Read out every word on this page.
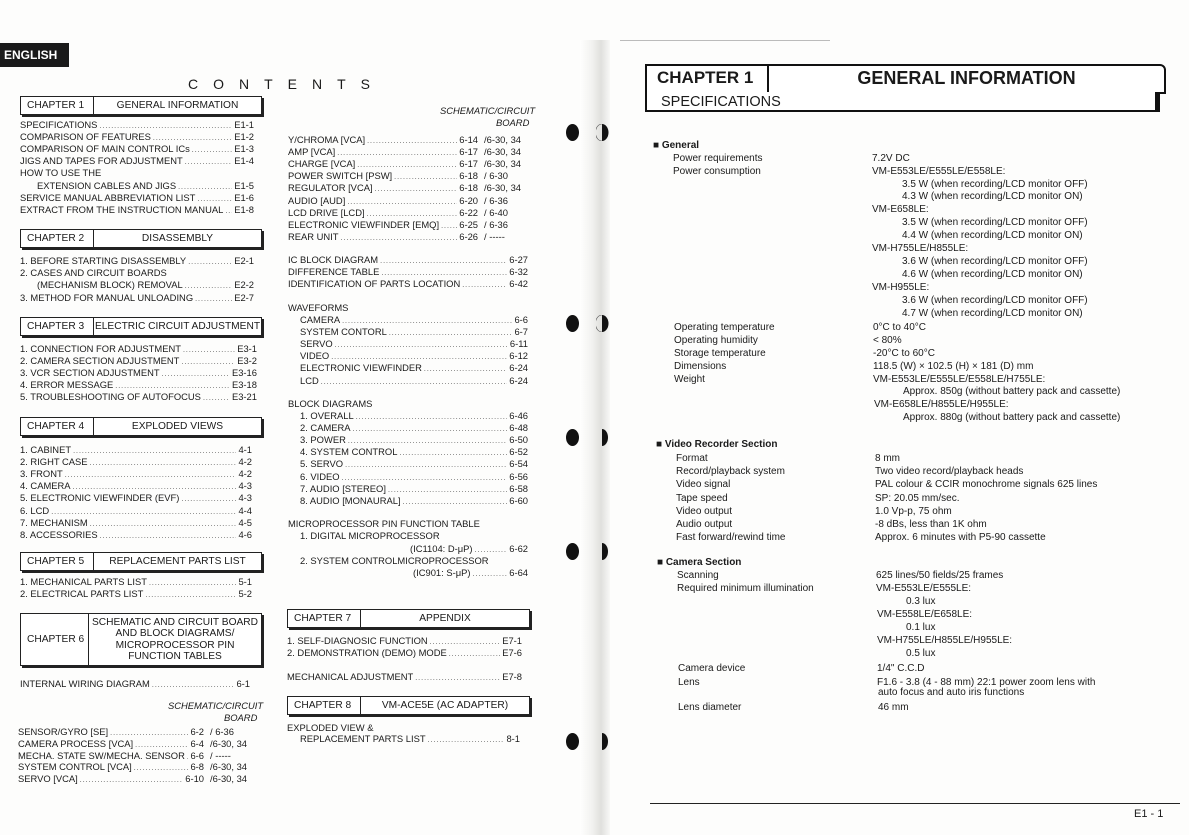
ENGLISH
CONTENTS
CHAPTER 1	GENERAL INFORMATION
SPECIFICATIONS .....	E1-1
COMPARISON OF FEATURES .....	E1-2
COMPARISON OF MAIN CONTROL ICs .....	E1-3
JIGS AND TAPES FOR ADJUSTMENT .....	E1-4
HOW TO USE THE
EXTENSION CABLES AND JIGS .....	E1-5
SERVICE MANUAL ABBREVIATION LIST .....	E1-6
EXTRACT FROM THE INSTRUCTION MANUAL ..... E1-8
CHAPTER 2	DISASSEMBLY
1. BEFORE STARTING DISASSEMBLY .....	E2-1
2. CASES AND CIRCUIT BOARDS
(MECHANISM BLOCK) REMOVAL .....	E2-2
3. METHOD FOR MANUAL UNLOADING .....	E2-7
CHAPTER 3	ELECTRIC CIRCUIT ADJUSTMENT
1. CONNECTION FOR ADJUSTMENT .....	E3-1
2. CAMERA SECTION ADJUSTMENT .....	E3-2
3. VCR SECTION ADJUSTMENT .....	E3-16
4. ERROR MESSAGE .....	E3-18
5. TROUBLESHOOTING OF AUTOFOCUS .....	E3-21
CHAPTER 4	EXPLODED VIEWS
1. CABINET .....	4-1
2. RIGHT CASE .....	4-2
3. FRONT .....	4-2
4. CAMERA .....	4-3
5. ELECTRONIC VIEWFINDER (EVF) .....	4-3
6. LCD .....	4-4
7. MECHANISM .....	4-5
8. ACCESSORIES .....	4-6
CHAPTER 5	REPLACEMENT PARTS LIST
1. MECHANICAL PARTS LIST .....	5-1
2. ELECTRICAL PARTS LIST .....	5-2
CHAPTER 6
SCHEMATIC AND CIRCUIT BOARD
AND BLOCK DIAGRAMS/
MICROPROCESSOR PIN
FUNCTION TABLES
INTERNAL WIRING DIAGRAM .....	6-1
SCHEMATIC/CIRCUIT
BOARD
SENSOR/GYRO [SE] .....	6-2 / 6-36
CAMERA PROCESS [VCA] .....	6-4 /6-30, 34
MECHA. STATE SW/MECHA. SENSOR ..... 6-6 / -----
SYSTEM CONTROL [VCA] .....	6-8 /6-30, 34
SERVO [VCA] .....	6-10 /6-30, 34
SCHEMATIC/CIRCUIT
BOARD
Y/CHROMA [VCA] .....	6-14 /6-30, 34
AMP [VCA] .....	6-17 /6-30, 34
CHARGE [VCA] .....	6-17 /6-30, 34
POWER SWITCH [PSW] .....	6-18 / 6-30
REGULATOR [VCA] .....	6-18 /6-30, 34
AUDIO [AUD] .....	6-20 / 6-36
LCD DRIVE [LCD] .....	6-22 / 6-40
ELECTRONIC VIEWFINDER [EMQ] ..... 6-25 / 6-36
REAR UNIT .....	6-26 / -----
IC BLOCK DIAGRAM .....	6-27
DIFFERENCE TABLE .....	6-32
IDENTIFICATION OF PARTS LOCATION .....	6-42
WAVEFORMS
CAMERA .....	6-6
SYSTEM CONTORL .....	6-7
SERVO .....	6-11
VIDEO .....	6-12
ELECTRONIC VIEWFINDER .....	6-24
LCD .....	6-24
BLOCK DIAGRAMS
1. OVERALL .....	6-46
2. CAMERA .....	6-48
3. POWER .....	6-50
4. SYSTEM CONTROL .....	6-52
5. SERVO .....	6-54
6. VIDEO .....	6-56
7. AUDIO [STEREO] .....	6-58
8. AUDIO [MONAURAL] .....	6-60
MICROPROCESSOR PIN FUNCTION TABLE
1. DIGITAL MICROPROCESSOR
(IC1104: D-μP) .....	6-62
2. SYSTEM CONTROLMICROPROCESSOR
(IC901: S-μP) .....	6-64
CHAPTER 7	APPENDIX
1. SELF-DIAGNOSIC FUNCTION .....	E7-1
2. DEMONSTRATION (DEMO) MODE .....	E7-6
MECHANICAL ADJUSTMENT .....	E7-8
CHAPTER 8	VM-ACE5E (AC ADAPTER)
EXPLODED VIEW &
REPLACEMENT PARTS LIST .....	8-1
CHAPTER 1	GENERAL INFORMATION
SPECIFICATIONS
■ General
Power requirements	7.2V DC
Power consumption	VM-E553LE/E555LE/E558LE:
3.5 W (when recording/LCD monitor OFF)
4.3 W (when recording/LCD monitor ON)
VM-E658LE:
3.5 W (when recording/LCD monitor OFF)
4.4 W (when recording/LCD monitor ON)
VM-H755LE/H855LE:
3.6 W (when recording/LCD monitor OFF)
4.6 W (when recording/LCD monitor ON)
VM-H955LE:
3.6 W (when recording/LCD monitor OFF)
4.7 W (when recording/LCD monitor ON)
Operating temperature	0°C to 40°C
Operating humidity	< 80%
Storage temperature	-20°C to 60°C
Dimensions	118.5 (W) × 102.5 (H) × 181 (D) mm
Weight	VM-E553LE/E555LE/E558LE/H755LE:
Approx. 850g (without battery pack and cassette)
VM-E658LE/H855LE/H955LE:
Approx. 880g (without battery pack and cassette)
■ Video Recorder Section
Format	8 mm
Record/playback system	Two video record/playback heads
Video signal	PAL colour & CCIR monochrome signals 625 lines
Tape speed	SP: 20.05 mm/sec.
Video output	1.0 Vp-p, 75 ohm
Audio output	-8 dBs, less than 1K ohm
Fast forward/rewind time	Approx. 6 minutes with P5-90 cassette
■ Camera Section
Scanning	625 lines/50 fields/25 frames
Required minimum illumination	VM-E553LE/E555LE:
0.3 lux
VM-E558LE/E658LE:
0.1 lux
VM-H755LE/H855LE/H955LE:
0.5 lux
Camera device	1/4" C.C.D
Lens	F1.6 - 3.8 (4 - 88 mm) 22:1 power zoom lens with
auto focus and auto iris functions
Lens diameter	46 mm
E1 - 1
